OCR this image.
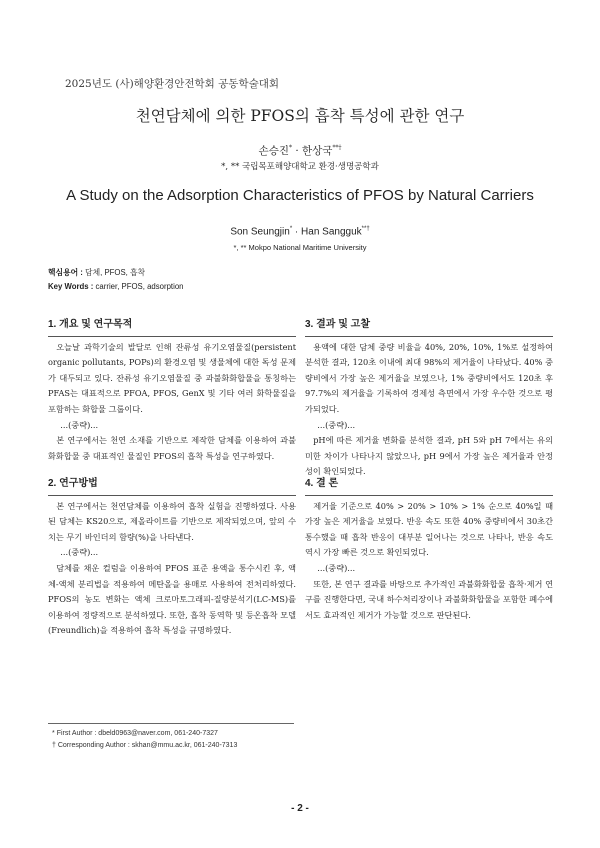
2025년도 (사)해양환경안전학회 공동학술대회
천연담체에 의한 PFOS의 흡착 특성에 관한 연구
손승진* · 한상국**†
*, ** 국립목포해양대학교 환경·생명공학과
A Study on the Adsorption Characteristics of PFOS by Natural Carriers
Son Seungjin* · Han Sangguk**†
*, ** Mokpo National Maritime University
핵심용어 : 담체, PFOS, 흡착
Key Words : carrier, PFOS, adsorption
1. 개요 및 연구목적

오늘날 과학기술의 발달로 인해 잔류성 유기오염물질(persistent organic pollutants, POPs)의 환경오염 및 생물체에 대한 독성 문제가 대두되고 있다. 잔류성 유기오염물질 중 과불화화합물을 통칭하는 PFAS는 대표적으로 PFOA, PFOS, GenX 및 기타 여러 화학물질을 포함하는 화합물 그룹이다.

...(중략)...

본 연구에서는 천연 소재를 기반으로 제작한 담체를 이용하여 과불화화합물 중 대표적인 물질인 PFOS의 흡착 특성을 연구하였다.

2. 연구방법

본 연구에서는 천연담체를 이용하여 흡착 실험을 진행하였다. 사용된 담체는 KS20으로, 제올라이트를 기반으로 제작되었으며, 앞의 수치는 무기 바인더의 함량(%)을 나타낸다.

...(중략)...

담체를 채운 컬럼을 이용하여 PFOS 표준 용액을 통수시킨 후, 액체-액체 분리법을 적용하여 메탄올을 용매로 사용하여 전처리하였다. PFOS의 농도 변화는 액체 크로마토그래피-질량분석기(LC-MS)를 이용하여 정량적으로 분석하였다. 또한, 흡착 동역학 및 등온흡착 모델(Freundlich)을 적용하여 흡착 특성을 규명하였다.

3. 결과 및 고찰

용액에 대한 담체 중량 비율을 40%, 20%, 10%, 1%로 설정하여 분석한 결과, 120초 이내에 최대 98%의 제거율이 나타났다. 40% 중량비에서 가장 높은 제거율을 보였으나, 1% 중량비에서도 120초 후 97.7%의 제거율을 기록하여 경제성 측면에서 가장 우수한 것으로 평가되었다.

...(중략)...

pH에 따른 제거율 변화를 분석한 결과, pH 5와 pH 7에서는 유의미한 차이가 나타나지 않았으나, pH 9에서 가장 높은 제거율과 안정성이 확인되었다.

4. 결 론

제거율 기준으로 40% > 20% > 10% > 1% 순으로 40%일 때 가장 높은 제거율을 보였다. 반응 속도 또한 40% 중량비에서 30초간 통수했을 때 흡착 반응이 대부분 일어나는 것으로 나타나, 반응 속도 역시 가장 빠른 것으로 확인되었다.

...(중략)...

또한, 본 연구 결과를 바탕으로 추가적인 과불화화합물 흡착·제거 연구를 진행한다면, 국내 하수처리장이나 과불화화합물을 포함한 폐수에서도 효과적인 제거가 가능할 것으로 판단된다.

* First Author : dbeld0963@naver.com, 061-240-7327
† Corresponding Author : skhan@mmu.ac.kr, 061-240-7313
- 2 -
